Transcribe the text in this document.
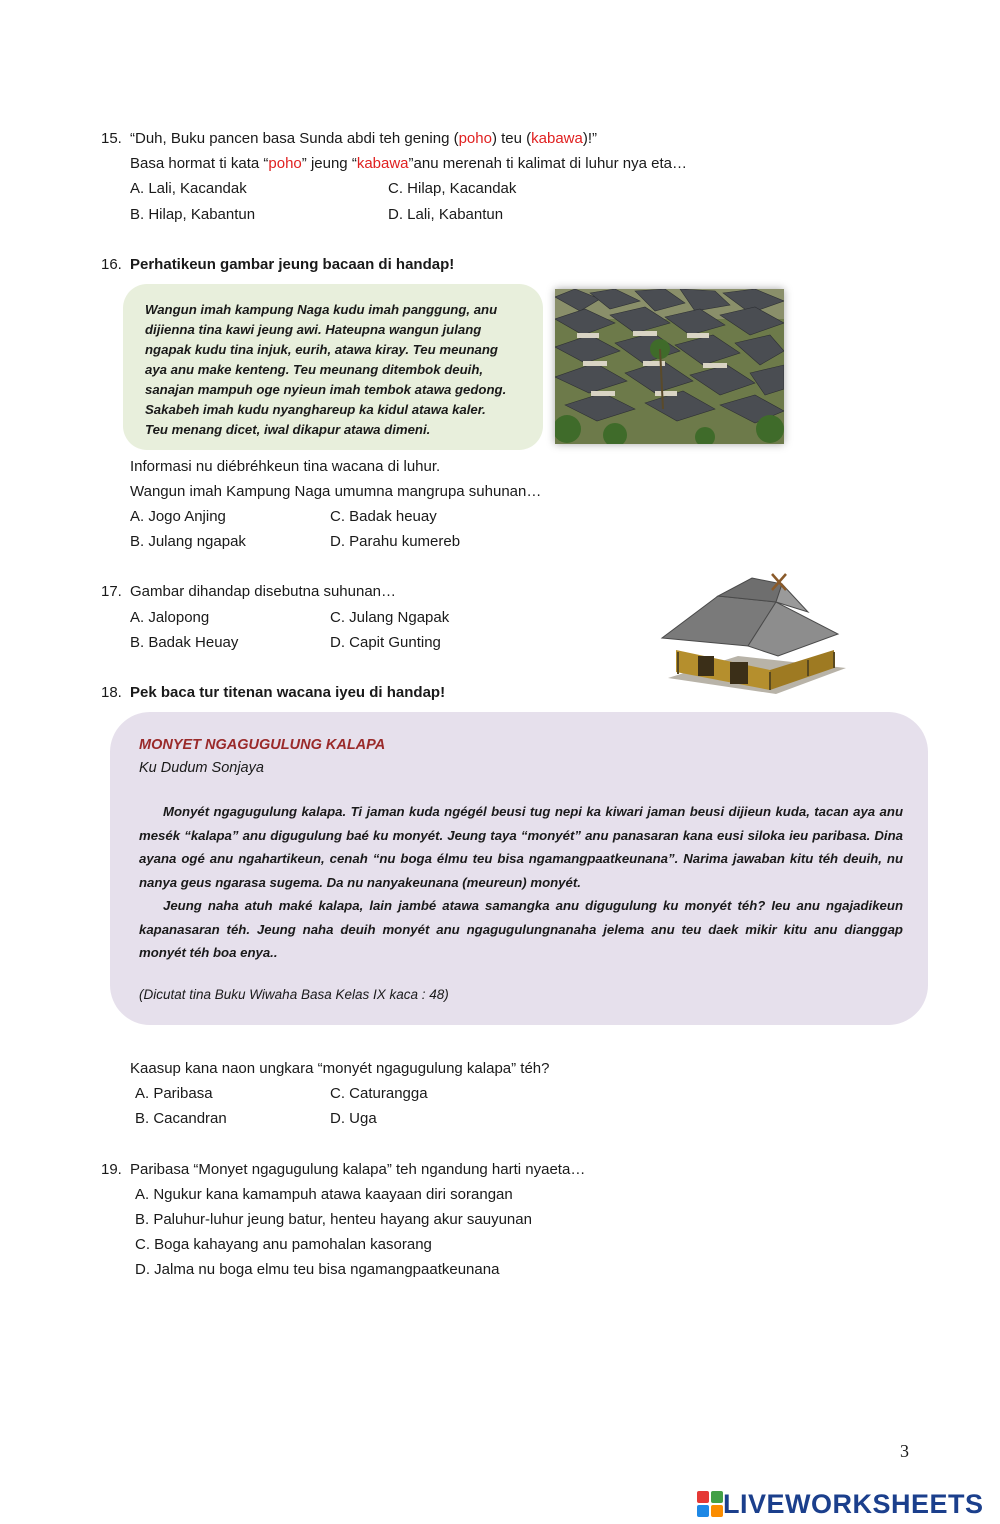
15. “Duh, Buku pancen basa Sunda abdi teh gening (poho) teu (kabawa)!”
Basa hormat ti kata “poho” jeung “kabawa”anu merenah ti kalimat di luhur nya eta…
A. Lali, Kacandak	C. Hilap, Kacandak
B. Hilap, Kabantun	D. Lali, Kabantun
16. Perhatikeun gambar jeung bacaan di handap!
Wangun imah kampung Naga kudu imah panggung, anu
dijienna tina kawi jeung awi. Hateupna wangun julang
ngapak kudu tina injuk, eurih, atawa kiray. Teu meunang
aya anu make kenteng. Teu meunang ditembok deuih,
sanajan mampuh oge nyieun imah tembok atawa gedong.
Sakabeh imah kudu nyanghareup ka kidul atawa kaler.
Teu menang dicet, iwal dikapur atawa dimeni.
Informasi nu diébréhkeun tina wacana di luhur.
Wangun imah Kampung Naga umumna mangrupa suhunan…
A. Jogo Anjing	C. Badak heuay
B. Julang ngapak	D. Parahu kumereb
17. Gambar dihandap disebutna suhunan…
A. Jalopong	C. Julang Ngapak
B. Badak Heuay	D. Capit Gunting
18. Pek baca tur titenan wacana iyeu di handap!
MONYET NGAGUGULUNG KALAPA
Ku Dudum Sonjaya

Monyét ngagugulung kalapa. Ti jaman kuda ngégél beusi tug nepi ka kiwari jaman beusi dijieun kuda, tacan aya anu mesék “kalapa” anu digugulung baé ku monyét. Jeung taya “monyét” anu panasaran kana eusi siloka ieu paribasa. Dina ayana ogé anu ngahartikeun, cenah “nu boga élmu teu bisa ngamangpaatkeunana”. Narima jawaban kitu téh deuih, nu nanya geus ngarasa sugema. Da nu nanyakeunana (meureun) monyét.

Jeung naha atuh maké kalapa, lain jambé atawa samangka anu digugulung ku monyét téh? Ieu anu ngajadikeun kapanasaran téh. Jeung naha deuih monyét anu ngagugulungnanaha jelema anu teu daek mikir kitu anu dianggap monyét téh boa enya..

(Dicutat tina Buku Wiwaha Basa Kelas IX kaca : 48)
Kaasup kana naon ungkara “monyét ngagugulung kalapa” téh?
A. Paribasa	C. Caturangga
B. Cacandran	D. Uga
19. Paribasa “Monyet ngagugulung kalapa” teh ngandung harti nyaeta…
A. Ngukur kana kamampuh atawa kaayaan diri sorangan
B. Paluhur-luhur jeung batur, henteu hayang akur sauyunan
C. Boga kahayang anu pamohalan kasorang
D. Jalma nu boga elmu teu bisa ngamangpaatkeunana
3
LIVEWORKSHEETS
